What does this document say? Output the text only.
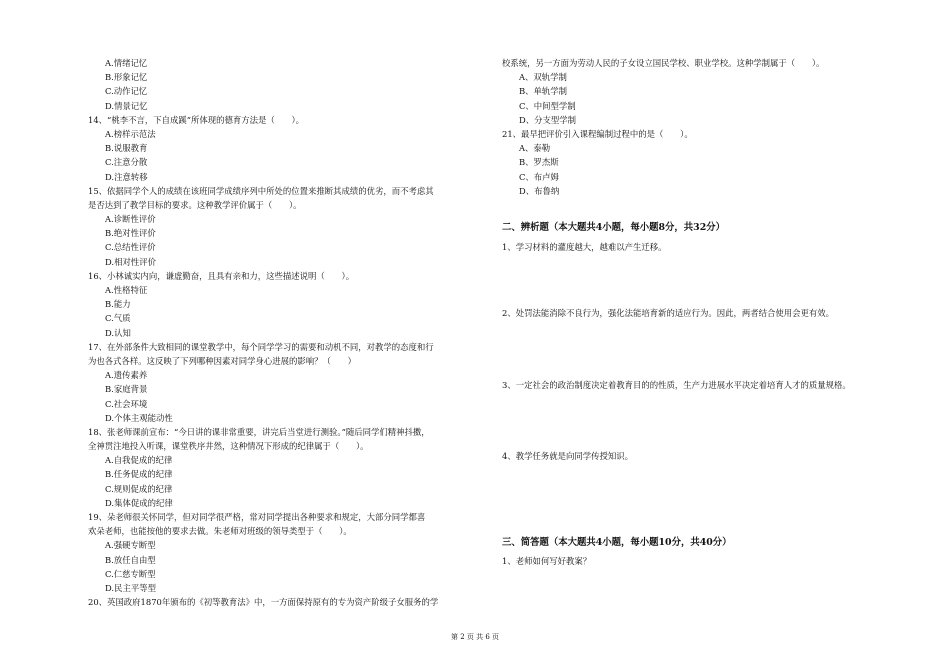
A.情绪记忆
B.形象记忆
C.动作记忆
D.情景记忆
14、“桃李不言，下自成蹊”所体现的德育方法是（　　）。
A.榜样示范法
B.说服教育
C.注意分散
D.注意转移
15、依据同学个人的成绩在该班同学成绩序列中所处的位置来推断其成绩的优劣，而不考虑其
是否达到了教学目标的要求。这种教学评价属于（　　）。
A.诊断性评价
B.绝对性评价
C.总结性评价
D.相对性评价
16、小林诚实内向，谦虚勤奋，且具有亲和力，这些描述说明（　　）。
A.性格特征
B.能力
C.气质
D.认知
17、在外部条件大致相同的课堂教学中，每个同学学习的需要和动机不同，对教学的态度和行
为也各式各样。这反映了下列哪种因素对同学身心进展的影响？（　　）
A.遗传素养
B.家庭背景
C.社会环境
D.个体主观能动性
18、张老师课前宣布：“今日讲的课非常重要，讲完后当堂进行测验。”随后同学们精神抖擞，
全神贯注地投入听课，课堂秩序井然，这种情况下形成的纪律属于（　　）。
A.自我促成的纪律
B.任务促成的纪律
C.规则促成的纪律
D.集体促成的纪律
19、朵老师很关怀同学，但对同学很严格，常对同学提出各种要求和规定，大部分同学都喜
欢朵老师，也能按他的要求去做。朱老师对班级的领导类型于（　　）。
A.强硬专断型
B.放任自由型
C.仁慈专断型
D.民主平等型
20、英国政府1870年颁布的《初等教育法》中，一方面保持原有的专为资产阶级子女服务的学
校系统，另一方面为劳动人民的子女设立国民学校、职业学校。这种学制属于（　　）。
A、双轨学制
B、单轨学制
C、中间型学制
D、分支型学制
21、最早把评价引入课程编制过程中的是（　　）。
A、泰勒
B、罗杰斯
C、布卢姆
D、布鲁纳
二、辨析题（本大题共4小题，每小题8分，共32分）
1、学习材料的灌度越大，越难以产生迁移。
2、处罚法能消除不良行为，强化法能培育新的适应行为。因此，两者结合使用会更有效。
3、一定社会的政治制度决定着教育目的的性质，生产力进展水平决定着培育人才的质量规格。
4、教学任务就是向同学传授知识。
三、简答题（本大题共4小题，每小题10分，共40分）
1、老师如何写好教案？
第 2 页 共 6 页
